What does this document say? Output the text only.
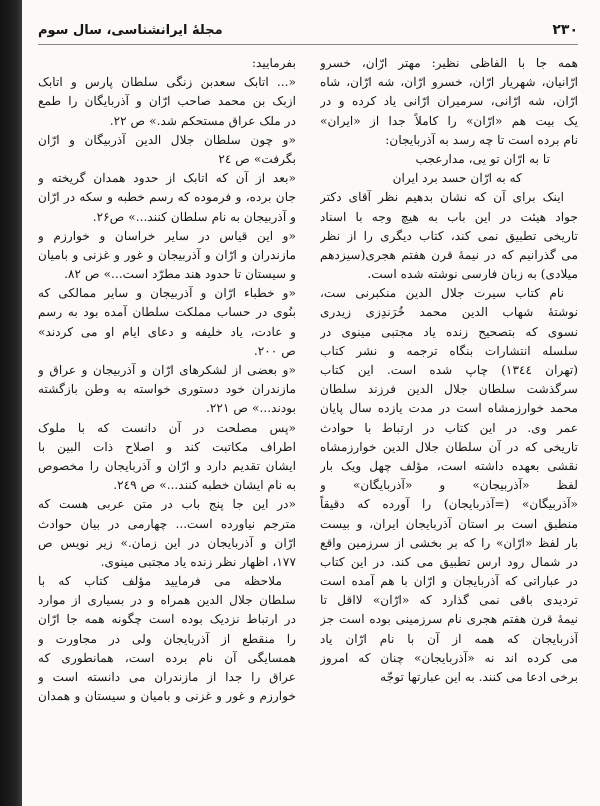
۲۳۰
مجلهٔ ایرانشناسی، سال سوم
همه جا با الفاظی نظیر: مهتر ارّان، خسرو
ارّانیان، شهریار ارّان، خسرو ارّان، شه ارّان، شاه
ارّان، شه ارّانی، سرمیران ارّانی یاد کرده و در
یک بیت هم «ارّان» را کاملاً جدا از «ایران»
نام برده است تا چه رسد به آذربایجان:
تا به ارّان تو یی، مدارعجب
که به ارّان حسد برد ایران
اینک برای آن که نشان بدهیم نظر آقای دکتر
جواد هیئت در این باب به هیچ وجه با اسناد
تاریخی تطبیق نمی کند، کتاب دیگری را از نظر
می گذرانیم که در نیمهٔ قرن هفتم هجری(سیزدهم
میلادی) به زبان فارسی نوشته شده است.
نام کتاب سیرت جلال الدین منکبرنی ست،
نوشتهٔ شهاب الدین محمد خُرَندِزی زیدری
نسوی که بتصحیح زنده یاد مجتبی مینوی در
سلسله انتشارات بنگاه ترجمه و نشر کتاب
(تهران ١٣٤٤) چاپ شده است. این کتاب
سرگذشت سلطان جلال الدین فرزند سلطان
محمد خوارزمشاه است در مدت یازده سال پایان
عمر وی. در این کتاب در ارتباط با حوادث
تاریخی که در آن سلطان جلال الدین خوارزمشاه
نقشی بعهده داشته است، مؤلف چهل ویک بار
لفظ «آذربیجان» و «آذربایگان» و
«آذربیگان» (=آذربایجان) را آورده که دقیقاً
منطبق است بر استان آذربایجان ایران، و بیست
بار لفظ «ارّان» را که بر بخشی از سرزمین واقع
در شمال رود ارس تطبیق می کند. در این کتاب
در عباراتی که آذربایجان و ارّان با هم آمده است
تردیدی باقی نمی گذارد که «ارّان» لااقل تا
نیمهٔ قرن هفتم هجری نام سرزمینی بوده است جز
آذربایجان که همه از آن با نام ارّان یاد
می کرده اند نه «آذربایجان» چنان که امروز
برخی ادعا می کنند. به این عبارتها توجّه
بفرمایید:
«... اتابک سعدبن زنگی سلطان پارس و اتابک
ازبک بن محمد صاحب ارّان و آذربایگان را طمع
در ملک عراق مستحکم شد.» ص ۲۲.
«و چون سلطان جلال الدین آذربیگان و ارّان
بگرفت» ص ٢٤
«بعد از آن که اتابک از حدود همدان گریخته و
جان برده، و فرموده که رسم خطبه و سکه در ارّان
و آذربیجان به نام سلطان کنند...» ص۲۶.
«و این قیاس در سایر خراسان و خوارزم و
مازندران و ارّان و آذربیجان و غور و غزنی و بامیان
و سیستان تا حدود هند مطرّد است...» ص ۸۲.
«و خطباء ارّان و آذربیجان و سایر ممالکی که
بنُوی در حساب مملکت سلطان آمده بود به رسم
و عادت، یاد خلیفه و دعای ایام او می کردند»
ص ۲۰۰.
«و بعضی از لشکرهای ارّان و آذربیجان و عراق و
مازندران خود دستوری خواسته به وطن بازگشته
بودند...» ص ۲۲۱.
«پس مصلحت در آن دانست که با ملوک
اطراف مکاتبت کند و اصلاح ذات البین با
ایشان تقدیم دارد و ارّان و آذربایجان را مخصوص
به نام ایشان خطبه کنند...» ص ۲٤۹.
«در این جا پنج باب در متن عربی هست که
مترجم نیاورده است... چهارمی در بیان حوادث
ارّان و آذربایجان در این زمان.» زیر نویس ص
۱۷۷، اظهار نظر زنده یاد مجتبی مینوی.
ملاحظه می فرمایید مؤلف کتاب که با
سلطان جلال الدین همراه و در بسیاری از موارد
در ارتباط نزدیک بوده است چگونه همه جا ارّان
را منقطع از آذربایجان ولی در مجاورت و
همسایگی آن نام برده است، همانطوری که
عراق را جدا از مازندران می دانسته است و
خوارزم و غور و غزنی و بامیان و سیستان و همدان
